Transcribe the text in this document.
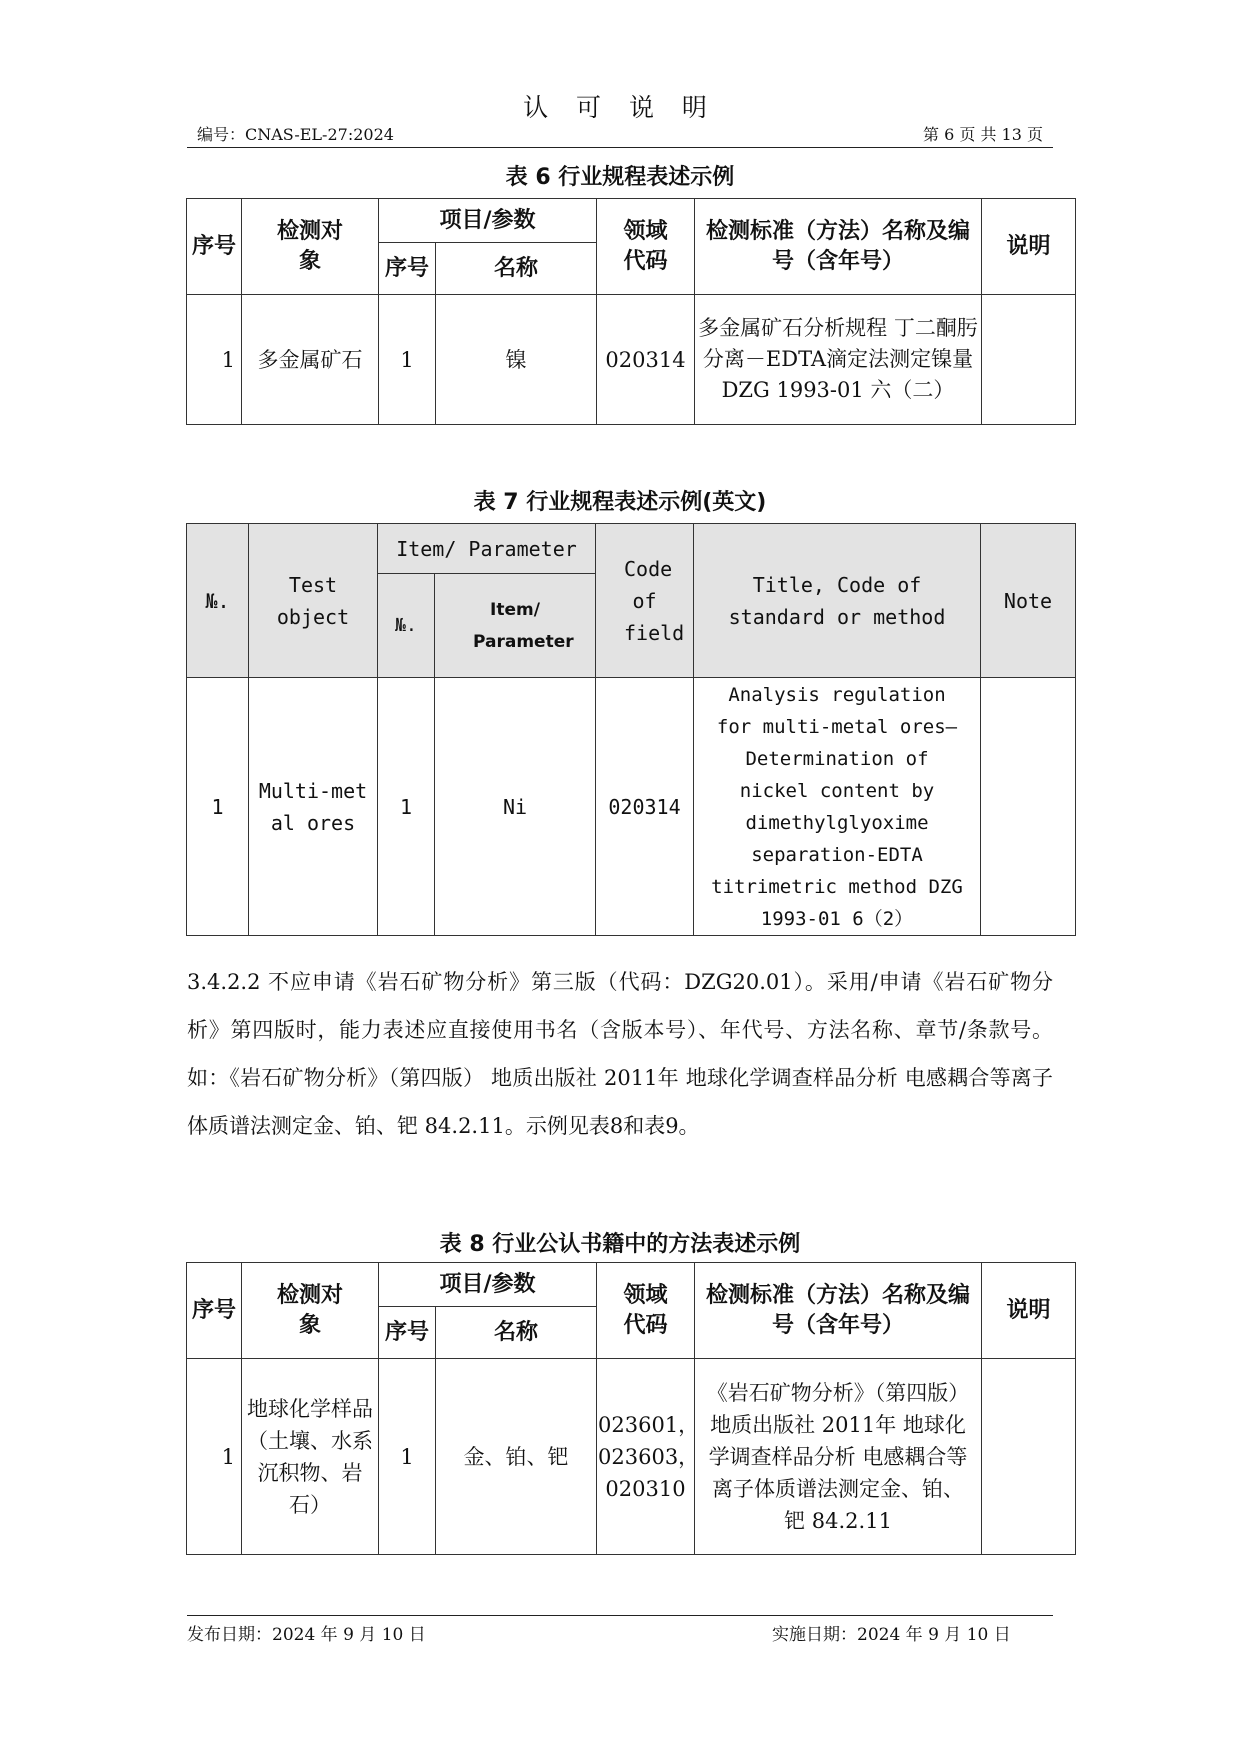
认 可 说 明
编号：CNAS-EL-27:2024	第 6 页 共 13 页
表 6 行业规程表述示例
序号	检测对象	项目/参数		领域代码	检测标准（方法）名称及编号（含年号）	说明
		序号	名称			
1	多金属矿石	1	镍	020314	多金属矿石分析规程 丁二酮肟分离－EDTA滴定法测定镍量 DZG 1993-01 六（二）	
表 7 行业规程表述示例(英文)
№.	Test object	Item/ Parameter		Code of field	Title, Code of standard or method	Note
		№.	Item/ Parameter			
1	Multi-metal ores	1	Ni	020314	Analysis regulation for multi-metal ores—Determination of nickel content by dimethylglyoxime separation-EDTA titrimetric method DZG 1993-01 6（2）	
3.4.2.2 不应申请《岩石矿物分析》第三版（代码：DZG20.01）。采用/申请《岩石矿物分析》第四版时，能力表述应直接使用书名（含版本号）、年代号、方法名称、章节/条款号。如：《岩石矿物分析》（第四版） 地质出版社 2011年 地球化学调查样品分析 电感耦合等离子体质谱法测定金、铂、钯 84.2.11。示例见表8和表9。
表 8 行业公认书籍中的方法表述示例
序号	检测对象	项目/参数		领域代码	检测标准（方法）名称及编号（含年号）	说明
		序号	名称			
1	地球化学样品（土壤、水系沉积物、岩石）	1	金、铂、钯	023601，023603，020310	《岩石矿物分析》（第四版） 地质出版社 2011年 地球化学调查样品分析 电感耦合等离子体质谱法测定金、铂、钯 84.2.11	
发布日期：2024 年 9 月 10 日	实施日期：2024 年 9 月 10 日
